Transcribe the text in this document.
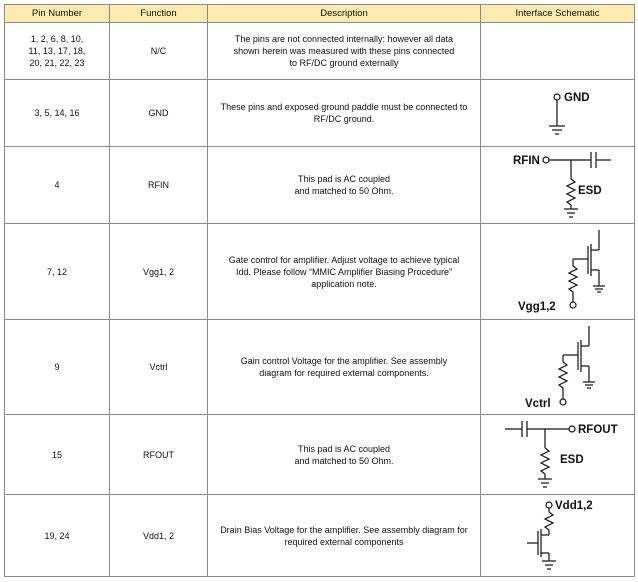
Pin Number	Function	Description	Interface Schematic
1, 2, 6, 8, 10,
11, 13, 17, 18,
20, 21, 22, 23	N/C	The pins are not connected internally: however all data
shown herein was measured with these pins connected
to RF/DC ground externally	
3, 5, 14, 16	GND	These pins and exposed ground paddle must be connected to
RF/DC ground.	GND

4	RFIN	This pad is AC coupled
and matched to 50 Ohm.	RFIN
ESD

7, 12	Vgg1, 2	Gate control for amplifier. Adjust voltage to achieve typical
Idd. Please follow “MMIC Amplifier Biasing Procedure”
application note.	Vgg1,2

9	Vctrl	Gain control Voltage for the amplifier. See assembly
diagram for required external components.	Vctrl

15	RFOUT	This pad is AC coupled
and matched to 50 Ohm.	RFOUT
ESD

19, 24	Vdd1, 2	Drain Bias Voltage for the amplifier. See assembly diagram for
required external components	Vdd1,2
